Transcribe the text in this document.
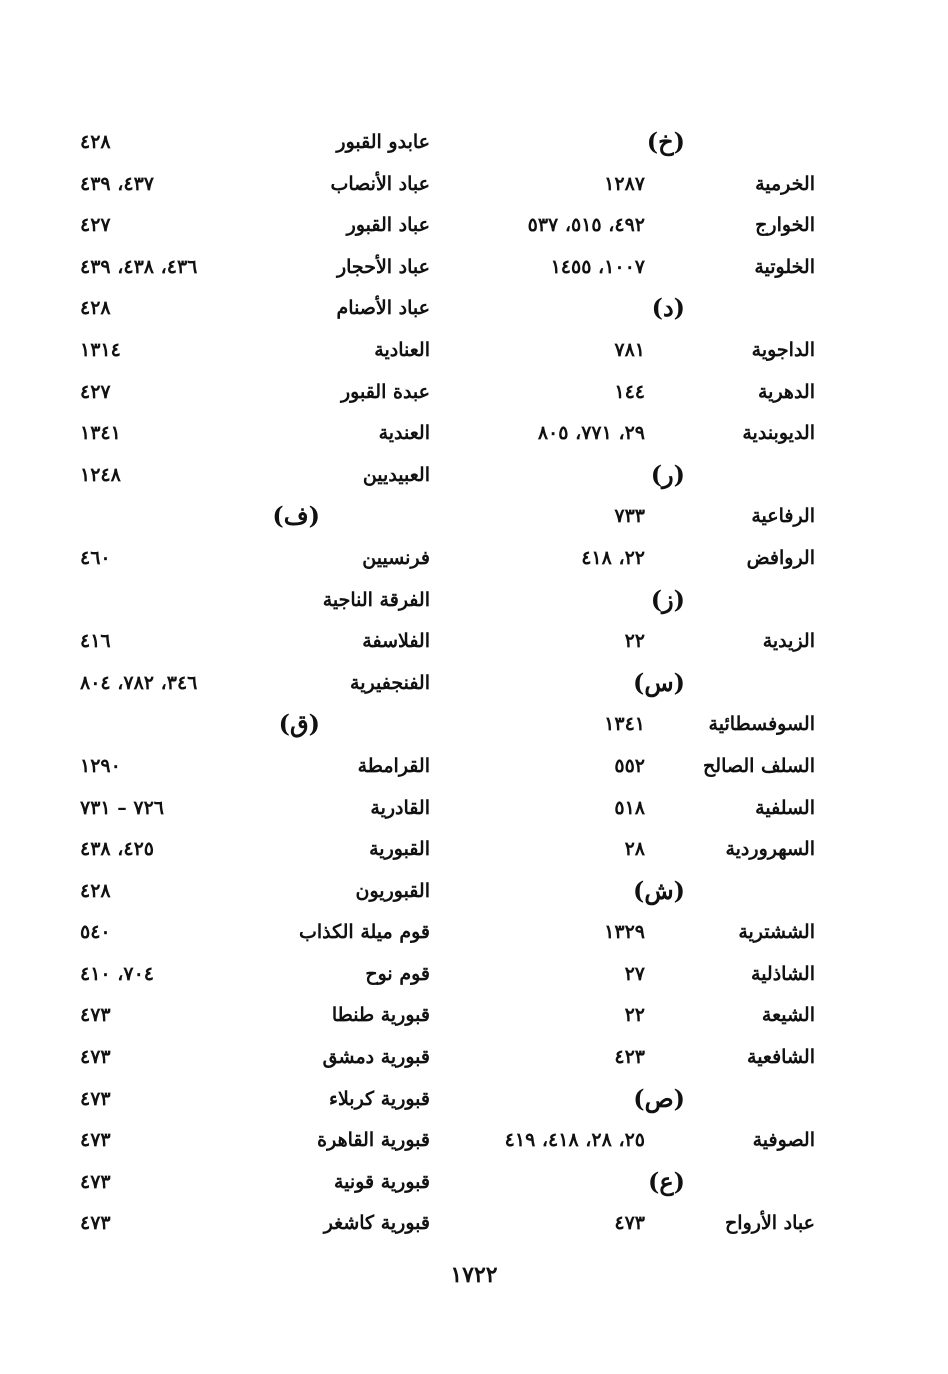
(خ)
الخرمية
١٢٨٧
الخوارج
٤٩٢، ٥١٥، ٥٣٧
الخلوتية
١٠٠٧، ١٤٥٥
(د)
الداجوية
٧٨١
الدهرية
١٤٤
الديوبندية
٢٩، ٧٧١، ٨٠٥
(ر)
الرفاعية
٧٣٣
الروافض
٢٢، ٤١٨
(ز)
الزيدية
٢٢
(س)
السوفسطائية
١٣٤١
السلف الصالح
٥٥٢
السلفية
٥١٨
السهروردية
٢٨
(ش)
الششترية
١٣٢٩
الشاذلية
٢٧
الشيعة
٢٢
الشافعية
٤٢٣
(ص)
الصوفية
٢٥، ٢٨، ٤١٨، ٤١٩
(ع)
عباد الأرواح
٤٧٣
عابدو القبور
٤٢٨
عباد الأنصاب
٤٣٧، ٤٣٩
عباد القبور
٤٢٧
عباد الأحجار
٤٣٦، ٤٣٨، ٤٣٩
عباد الأصنام
٤٢٨
العنادية
١٣١٤
عبدة القبور
٤٢٧
العندية
١٣٤١
العبيديين
١٢٤٨
(ف)
فرنسيين
٤٦٠
الفرقة الناجية
الفلاسفة
٤١٦
الفنجفيرية
٣٤٦، ٧٨٢، ٨٠٤
(ق)
القرامطة
١٢٩٠
القادرية
٧٢٦ – ٧٣١
القبورية
٤٢٥، ٤٣٨
القبوريون
٤٢٨
قوم ميلة الكذاب
٥٤٠
قوم نوح
٧٠٤، ٤١٠
قبورية طنطا
٤٧٣
قبورية دمشق
٤٧٣
قبورية كربلاء
٤٧٣
قبورية القاهرة
٤٧٣
قبورية قونية
٤٧٣
قبورية كاشغر
٤٧٣
١٧٢٢
